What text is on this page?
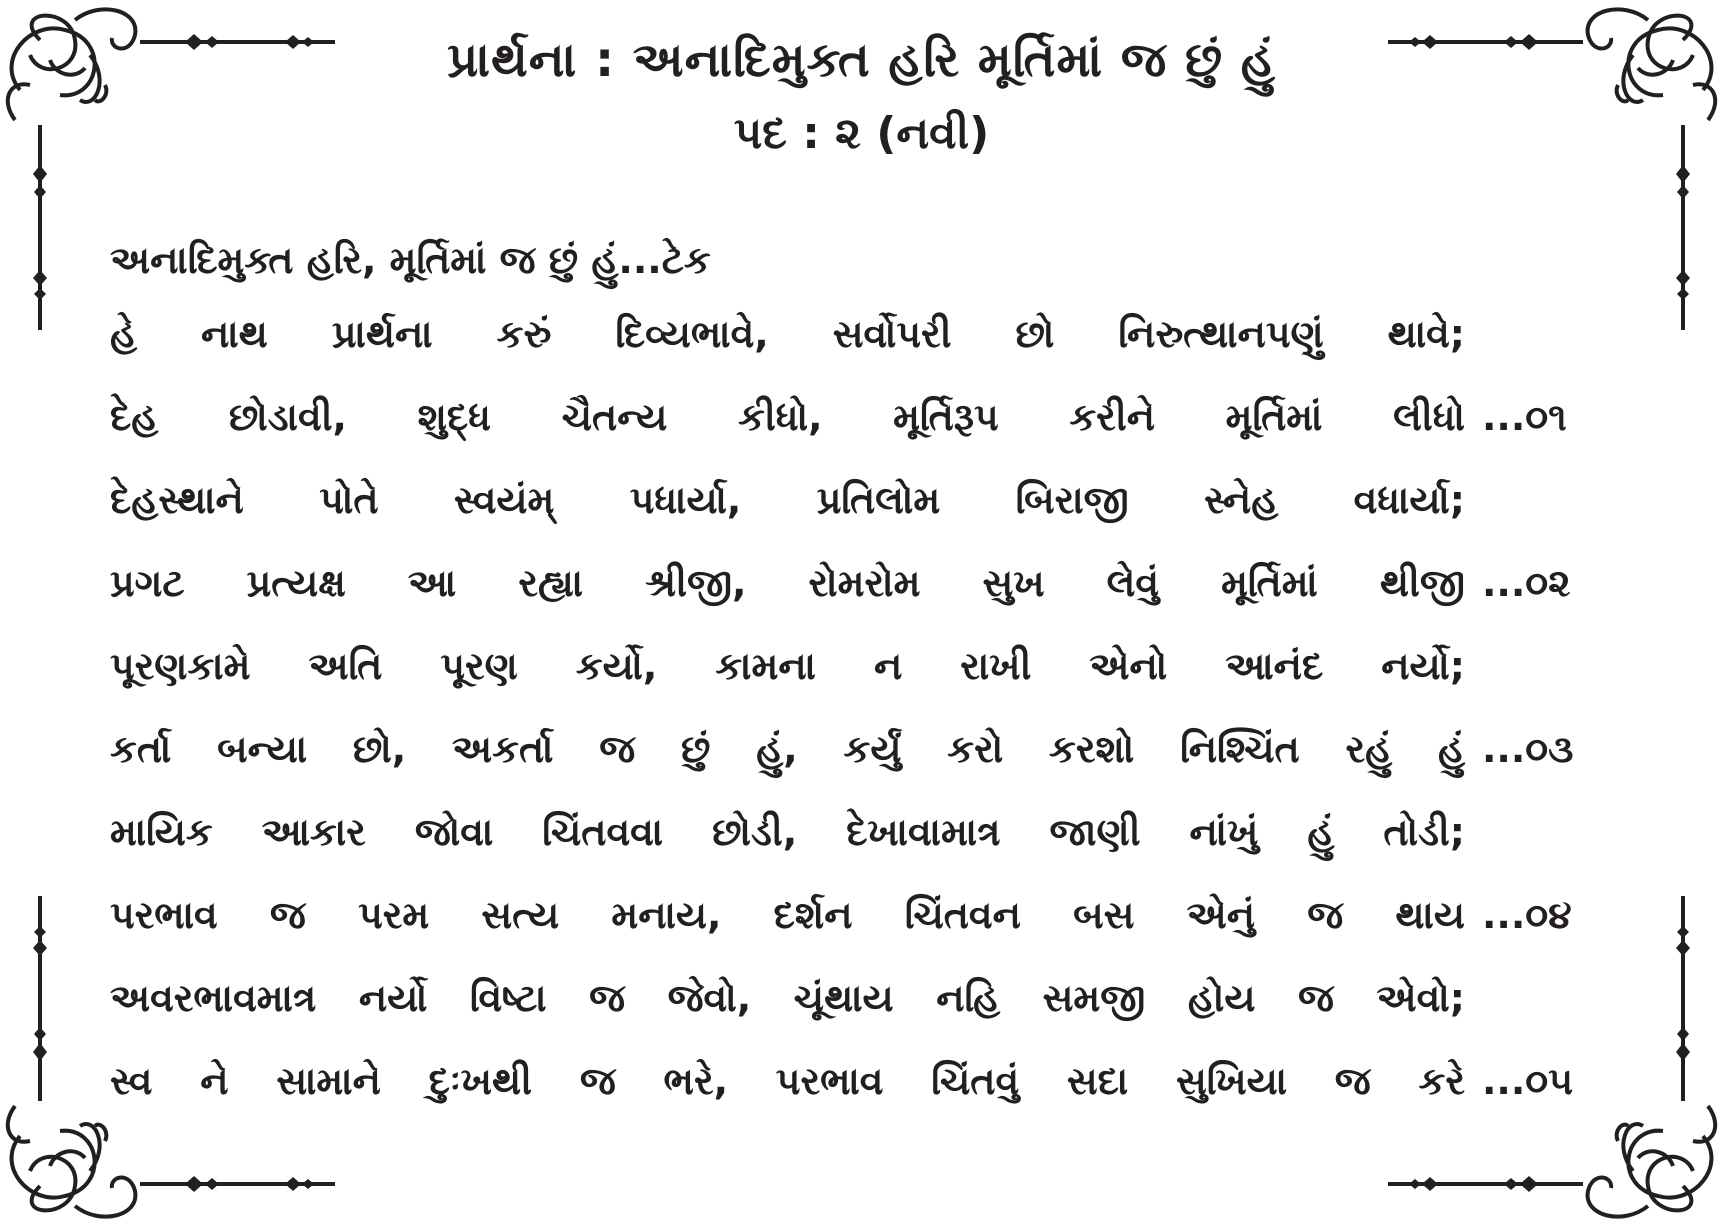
પ્રાર્થના : અનાદિમુક્ત હરિ મૂર્તિમાં જ છું હું
પદ : ૨ (નવી)
અનાદિમુક્ત હરિ, મૂર્તિમાં જ છું હું...ટેક
હે નાથ પ્રાર્થના કરું દિવ્યભાવે, સર્વોપરી છો નિરુત્થાનપણું થાવે;
દેહ છોડાવી, શુદ્ધ ચૈતન્ય કીધો, મૂર્તિરૂપ કરીને મૂર્તિમાં લીધો ...૦૧
દેહસ્થાને પોતે સ્વયંમ્ પધાર્યા, પ્રતિલોમ બિરાજી સ્નેહ વધાર્યા;
પ્રગટ પ્રત્યક્ષ આ રહ્યા શ્રીજી, રોમરોમ સુખ લેવું મૂર્તિમાં થીજી ...૦૨
પૂરણકામે અતિ પૂરણ કર્યો, કામના ન રાખી એનો આનંદ નર્યો;
કર્તા બન્યા છો, અકર્તા જ છું હું, કર્યું કરો કરશો નિશ્ચિંત રહું હું ...૦૩
માયિક આકાર જોવા ચિંતવવા છોડી, દેખાવામાત્ર જાણી નાંખું હું તોડી;
પરભાવ જ પરમ સત્ય મનાય, દર્શન ચિંતવન બસ એનું જ થાય ...૦૪
અવરભાવમાત્ર નર્યો વિષ્ટા જ જેવો, ચૂંથાય નહિ સમજી હોય જ એવો;
સ્વ ને સામાને દુઃખથી જ ભરે, પરભાવ ચિંતવું સદા સુખિયા જ કરે ...૦૫
